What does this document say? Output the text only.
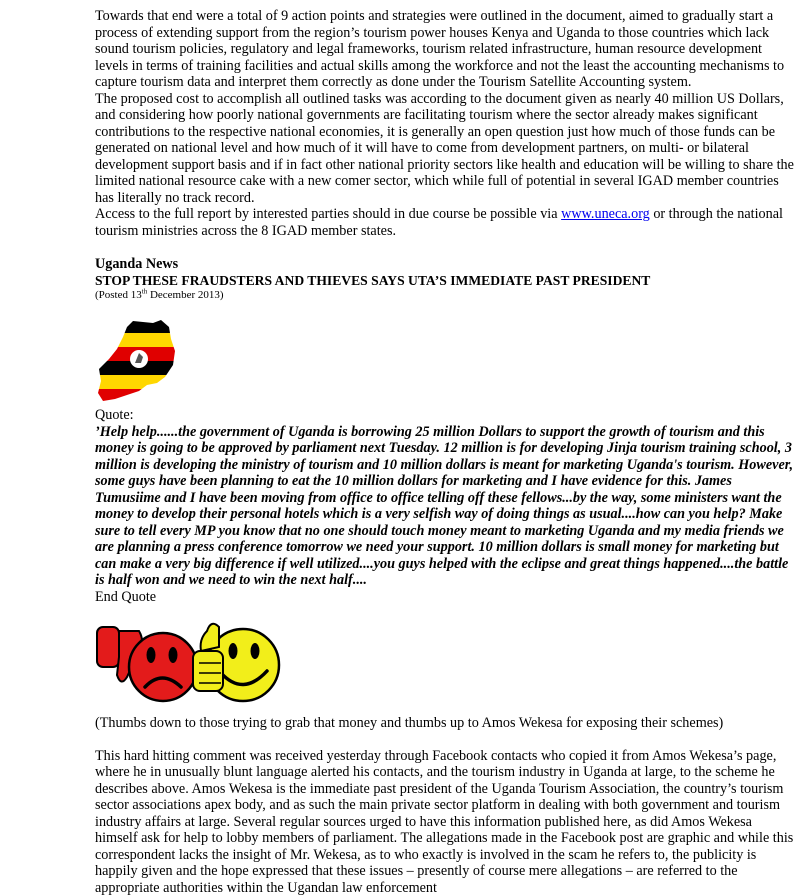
Towards that end were a total of 9 action points and strategies were outlined in the document, aimed to gradually start a process of extending support from the region’s tourism power houses Kenya and Uganda to those countries which lack sound tourism policies, regulatory and legal frameworks, tourism related infrastructure, human resource development levels in terms of training facilities and actual skills among the workforce and not the least the accounting mechanisms to capture tourism data and interpret them correctly as done under the Tourism Satellite Accounting system.

The proposed cost to accomplish all outlined tasks was according to the document given as nearly 40 million US Dollars, and considering how poorly national governments are facilitating tourism where the sector already makes significant contributions to the respective national economies, it is generally an open question just how much of those funds can be generated on national level and how much of it will have to come from development partners, on multi- or bilateral development support basis and if in fact other national priority sectors like health and education will be willing to share the limited national resource cake with a new comer sector, which while full of potential in several IGAD member countries has literally no track record.

Access to the full report by interested parties should in due course be possible via www.uneca.org or through the national tourism ministries across the 8 IGAD member states.

Uganda News

STOP THESE FRAUDSTERS AND THIEVES SAYS UTA’S IMMEDIATE PAST PRESIDENT

(Posted 13th December 2013)

Quote:

’Help help......the government of Uganda is borrowing 25 million Dollars to support the growth of tourism and this money is going to be approved by parliament next Tuesday. 12 million is for developing Jinja tourism training school, 3 million is developing the ministry of tourism and 10 million dollars is meant for marketing Uganda's tourism. However, some guys have been planning to eat the 10 million dollars for marketing and I have evidence for this. James Tumusiime and I have been moving from office to office telling off these fellows...by the way, some ministers want the money to develop their personal hotels which is a very selfish way of doing things as usual....how can you help? Make sure to tell every MP you know that no one should touch money meant to marketing Uganda and my media friends we are planning a press conference tomorrow we need your support. 10 million dollars is small money for marketing but can make a very big difference if well utilized....you guys helped with the eclipse and great things happened....the battle is half won and we need to win the next half....

End Quote

(Thumbs down to those trying to grab that money and thumbs up to Amos Wekesa for exposing their schemes)

This hard hitting comment was received yesterday through Facebook contacts who copied it from Amos Wekesa’s page, where he in unusually blunt language alerted his contacts, and the tourism industry in Uganda at large, to the scheme he describes above. Amos Wekesa is the immediate past president of the Uganda Tourism Association, the country’s tourism sector associations apex body, and as such the main private sector platform in dealing with both government and tourism industry affairs at large. Several regular sources urged to have this information published here, as did Amos Wekesa himself ask for help to lobby members of parliament. The allegations made in the Facebook post are graphic and while this correspondent lacks the insight of Mr. Wekesa, as to who exactly is involved in the scam he refers to, the publicity is happily given and the hope expressed that these issues – presently of course mere allegations – are referred to the appropriate authorities within the Ugandan law enforcement
